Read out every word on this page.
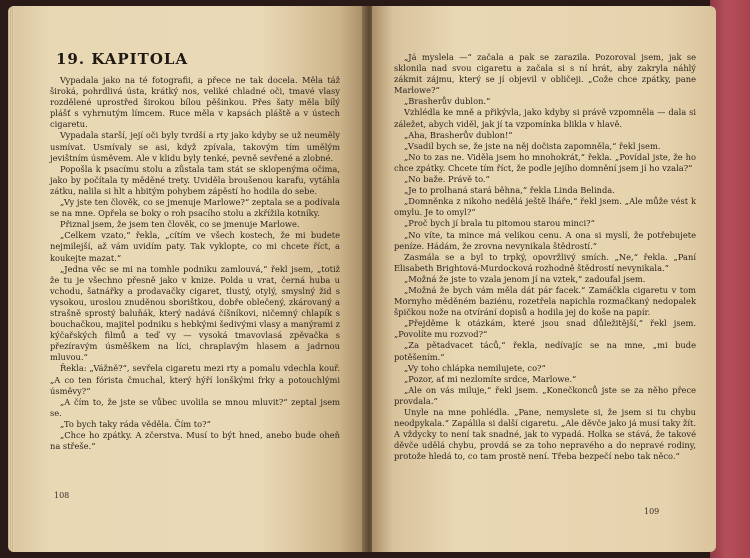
19. KAPITOLA

Vypadala jako na té fotografii, a přece ne tak docela. Měla táž široká, pohrdlivá ústa, krátký nos, veliké chladné oči, tmavé vlasy rozdělené uprostřed širokou bílou pěšinkou. Přes šaty měla bílý plášť s vyhrnutým límcem. Ruce měla v kapsách pláště a v ústech cigaretu.

Vypadala starší, její oči byly tvrdší a rty jako kdyby se už neuměly usmívat. Usmívaly se asi, když zpívala, takovým tím umělým jevištním úsměvem. Ale v klidu byly tenké, pevně sevřené a zlobné.

Popošla k psacímu stolu a zůstala tam stát se sklopenýma očima, jako by počítala ty měděné trety. Uviděla broušenou karafu, vytáhla zátku, nalila si hlt a hbitým pohybem zápěstí ho hodila do sebe.

„Vy jste ten člověk, co se jmenuje Marlowe?“ zeptala se a podívala se na mne. Opřela se boky o roh psacího stolu a zkřížila kotníky.

Přiznal jsem, že jsem ten člověk, co se jmenuje Marlowe.

„Celkem vzato,“ řekla, „cítím ve všech kostech, že mi budete nejmilejší, až vám uvidím paty. Tak vyklopte, co mi chcete říct, a koukejte mazat.“

„Jedna věc se mi na tomhle podniku zamlouvá,“ řekl jsem, „totiž že tu je všechno přesně jako v knize. Polda u vrat, černá huba u vchodu, šatnářky a prodavačky cigaret, tlustý, otylý, smyslný žid s vysokou, uroslou znuděnou sborištkou, dobře oblečený, zkárovaný a strašně sprostý baluňák, který nadává číšníkovi, ničemný chlapík s bouchačkou, majitel podniku s hebkými šedivými vlasy a manýrami z kýčařských filmů a teď vy — vysoká tmavovlasá zpěvačka s přezíravým úsměškem na líci, chraplavým hlasem a jadrnou mluvou.“

Řekla: „Vážně?“, sevřela cigaretu mezi rty a pomalu vdechla kouř. „A co ten fóristа čmuchal, který hýří lonškými frky a potouchlými úsměvy?“

„A čím to, že jste se vůbec uvolila se mnou mluvit?“ zeptal jsem se.

„To bych taky ráda věděla. Čím to?“

„Chce ho zpátky. A zčerstva. Musí to být hned, anebo bude oheň na střeše.“

108

„Já myslela —“ začala a pak se zarazila. Pozoroval jsem, jak se sklonila nad svou cigaretu a začala si s ní hrát, aby zakryla náhlý zákmit zájmu, který se jí objevil v obličeji. „Cože chce zpátky, pane Marlowe?“

„Brasherův dublon.“

Vzhlédla ke mně a přikývla, jako kdyby si právě vzpomněla — dala si záležet, abych viděl, jak jí ta vzpomínka blikla v hlavě.

„Aha, Brasherův dublon!“

„Vsadil bych se, že jste na něj dočista zapomněla,“ řekl jsem.

„No to zas ne. Viděla jsem ho mnohokrát,“ řekla. „Povídal jste, že ho chce zpátky. Chcete tím říct, že podle jejího domnění jsem jí ho vzala?“

„No baže. Právě to.“

„Je to prolhaná stará běhna,“ řekla Linda Belinda.

„Domněnka z nikoho nedělá ještě lháře,“ řekl jsem. „Ale může vést k omylu. Je to omyl?“

„Proč bych jí brala tu pitomou starou minci?“

„No víte, ta mince má velikou cenu. A ona si myslí, že potřebujete peníze. Hádám, že zrovna nevynikala štědrostí.“

Zasmála se a byl to trpký, opovržlivý smích. „Ne,“ řekla. „Paní Elisabeth Brightová-Murdocková rozhodně štědrostí nevynikala.“

„Možná že jste to vzala jenom jí na vztek,“ zadoufal jsem.

„Možná že bych vám měla dát pár facek.“ Zamáčkla cigaretu v tom Mornyho měděném baziénu, rozetřela napichla rozmačkaný nedopalek špičkou nože na otvírání dopisů a hodila jej do koše na papír.

„Přejděme k otázkám, které jsou snad důležitější,“ řekl jsem. „Povolíte mu rozvod?“

„Za pětadvacet táců,“ řekla, nedívajíc se na mne, „mi bude potěšením.“

„Vy toho chlápka nemilujete, co?“

„Pozor, ať mi nezlomíte srdce, Marlowe.“

„Ale on vás miluje,“ řekl jsem. „Konečkonců jste se za něho přece provdala.“

Unyle na mne pohlédla. „Pane, nemyslete si, že jsem si tu chybu neodpykala.“ Zapálila si další cigaretu. „Ale děvče jako já musí taky žít. A vždycky to není tak snadné, jak to vypadá. Holka se stává, že takové děvče udělá chybu, provdá se za toho nepravého a do nepravé rodiny, protože hledá to, co tam prostě není. Třeba bezpečí nebo tak něco.“

109
